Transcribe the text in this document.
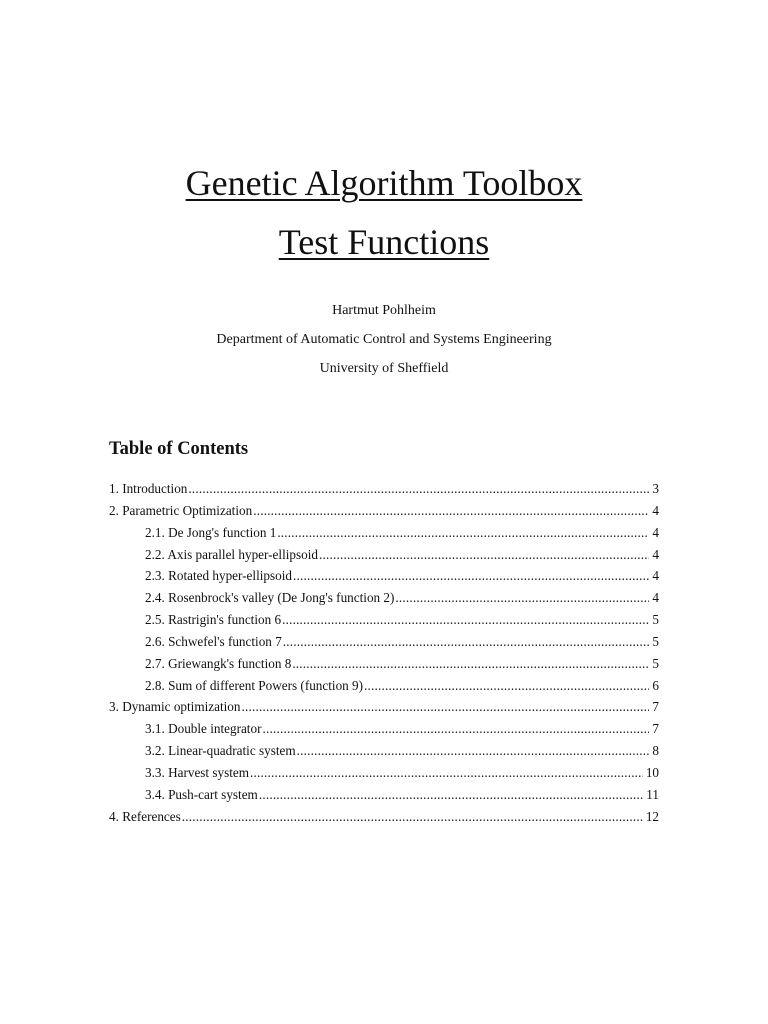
Genetic Algorithm Toolbox
Test Functions
Hartmut Pohlheim
Department of Automatic Control and Systems Engineering
University of Sheffield
Table of Contents
1. Introduction .....	3
2. Parametric Optimization .....	4
2.1. De Jong's function 1 .....	4
2.2. Axis parallel hyper-ellipsoid .....	4
2.3. Rotated hyper-ellipsoid .....	4
2.4. Rosenbrock's valley (De Jong's function 2) .....	4
2.5. Rastrigin's function 6 .....	5
2.6. Schwefel's function 7 .....	5
2.7. Griewangk's function 8 .....	5
2.8. Sum of different Powers (function 9) .....	6
3. Dynamic optimization .....	7
3.1. Double integrator .....	7
3.2. Linear-quadratic system .....	8
3.3. Harvest system .....	10
3.4. Push-cart system .....	11
4. References .....	12
